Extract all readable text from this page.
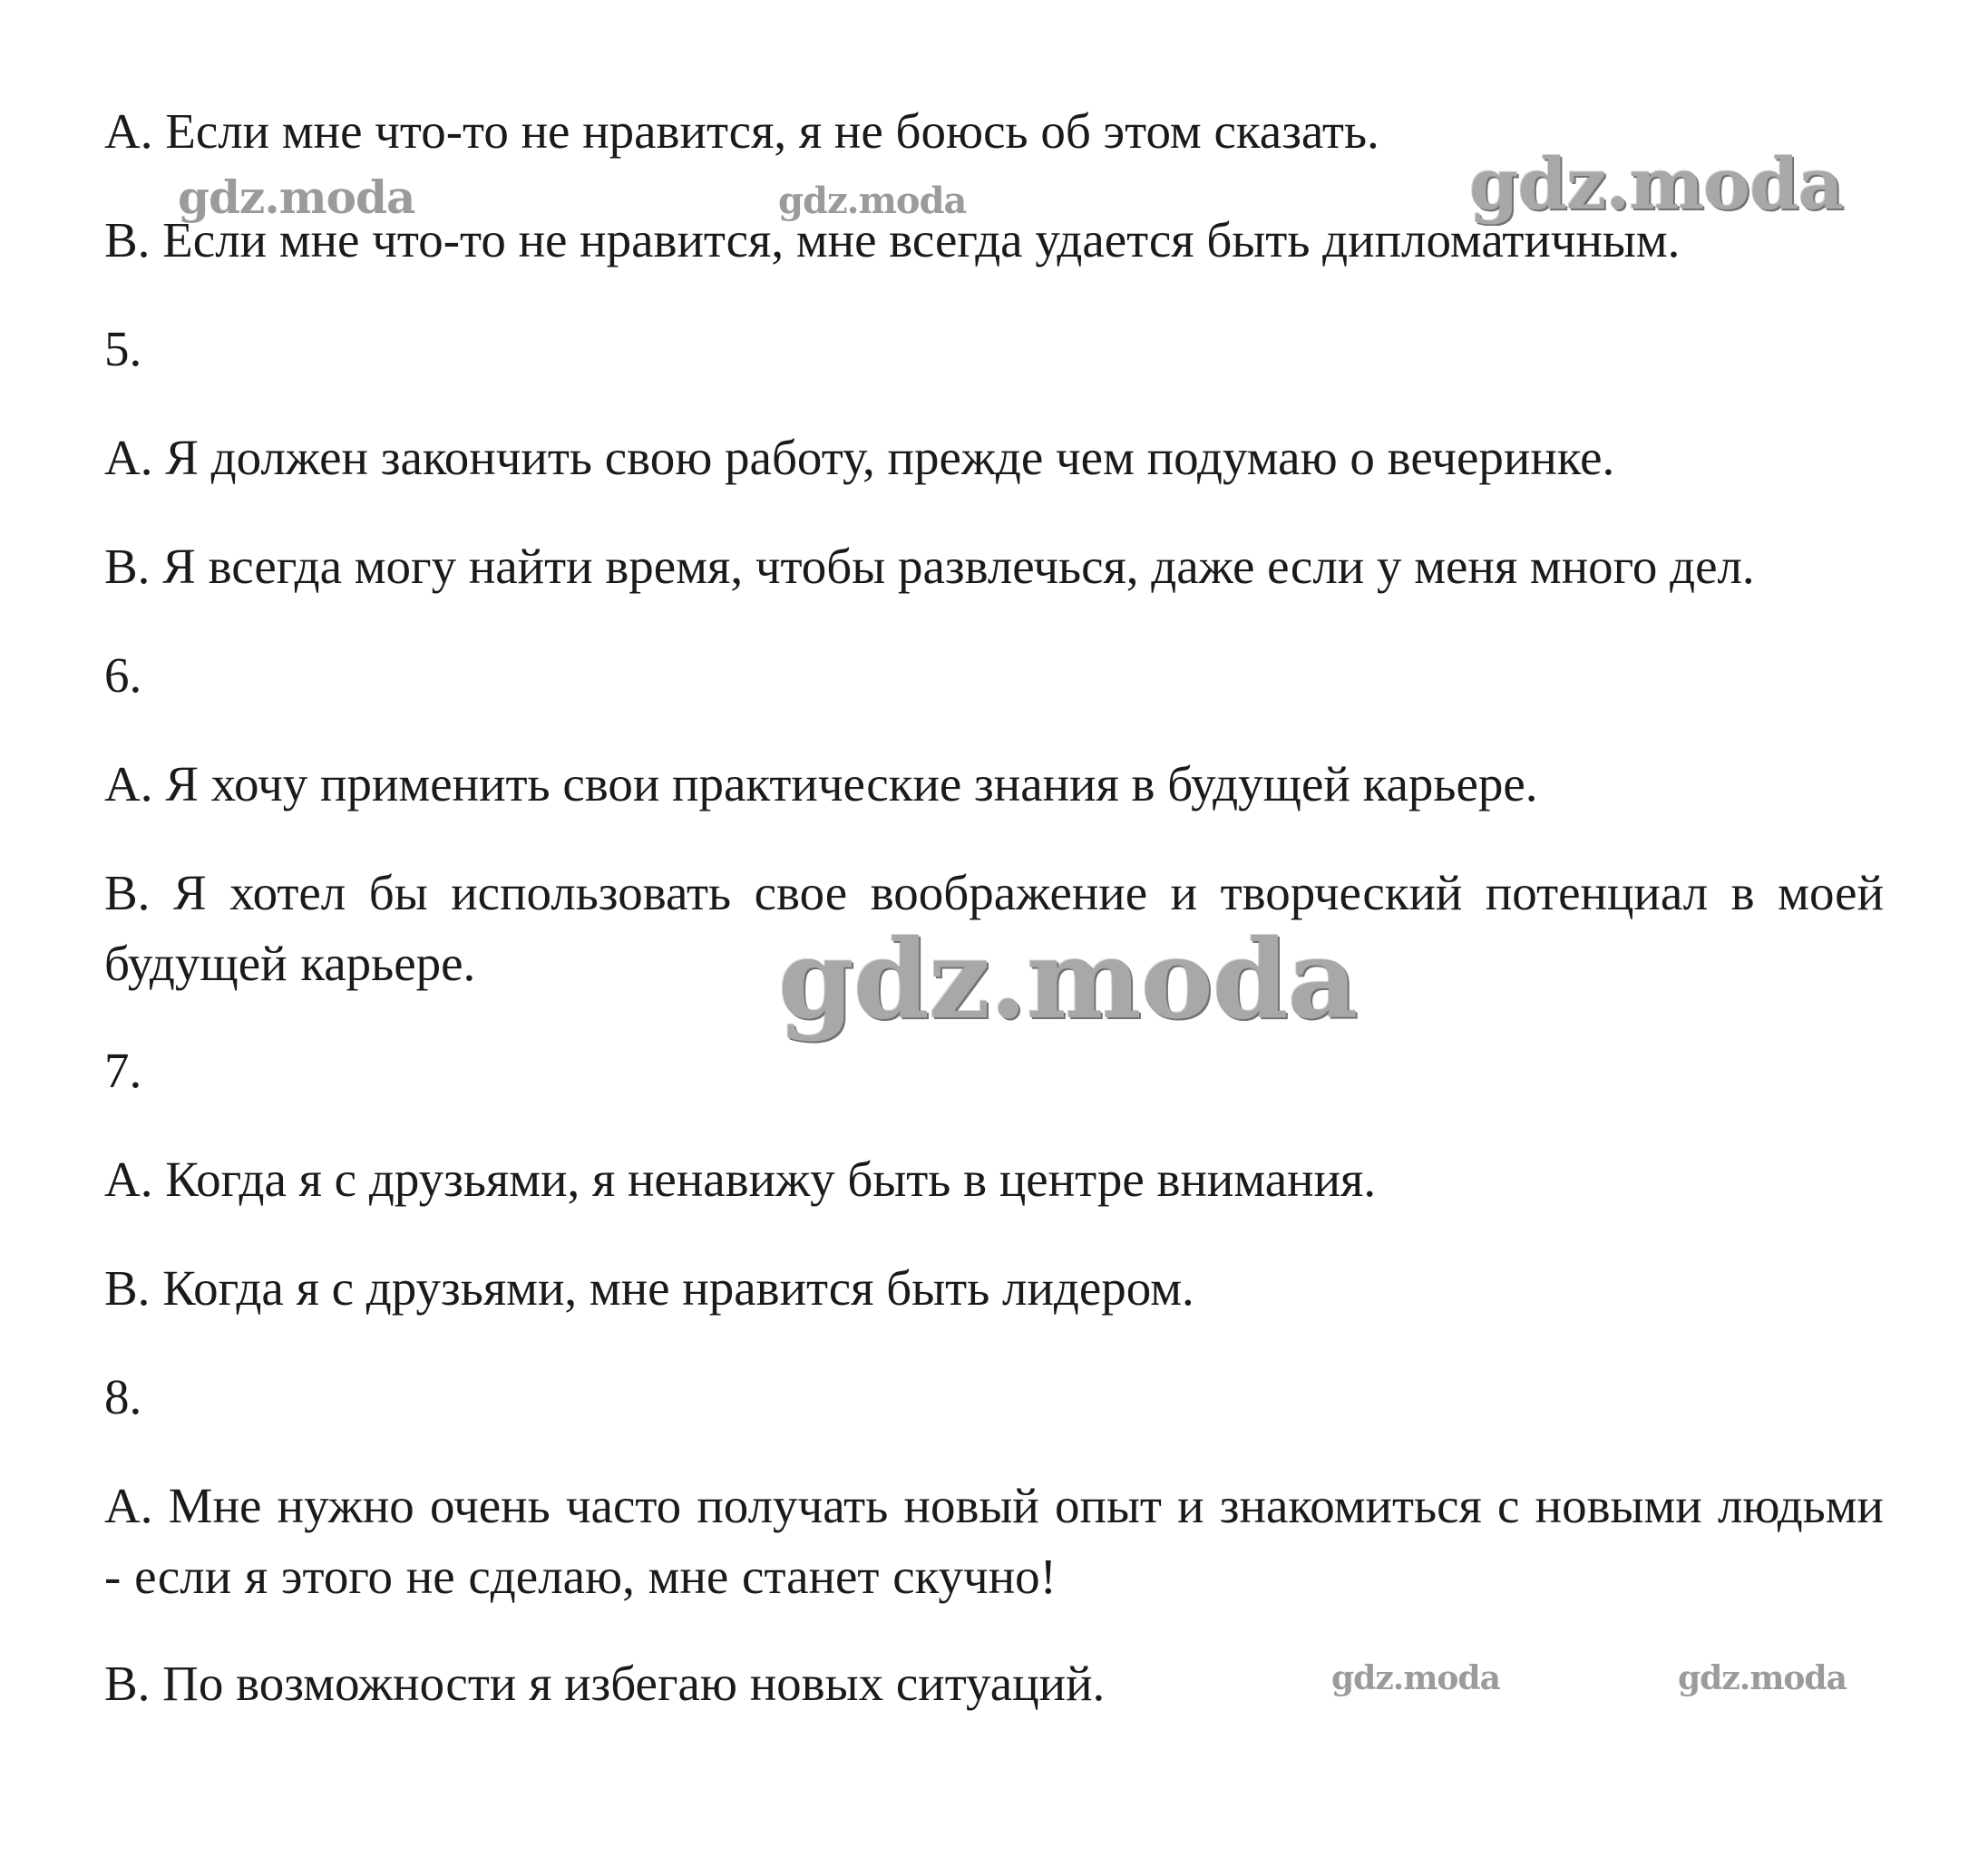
A. Если мне что-то не нравится, я не боюсь об этом сказать.

B. Если мне что-то не нравится, мне всегда удается быть дипломатичным.

5.

A. Я должен закончить свою работу, прежде чем подумаю о вечеринке.

B. Я всегда могу найти время, чтобы развлечься, даже если у меня много дел.

6.

A. Я хочу применить свои практические знания в будущей карьере.

B. Я хотел бы использовать свое воображение и творческий потенциал в моей будущей карьере.

7.

A. Когда я с друзьями, я ненавижу быть в центре внимания.

B. Когда я с друзьями, мне нравится быть лидером.

8.

A. Мне нужно очень часто получать новый опыт и знакомиться с новыми людьми - если я этого не сделаю, мне станет скучно!

B. По возможности я избегаю новых ситуаций.

gdz.moda	gdz.moda	gdz.moda
gdz.moda
gdz.moda	gdz.moda
